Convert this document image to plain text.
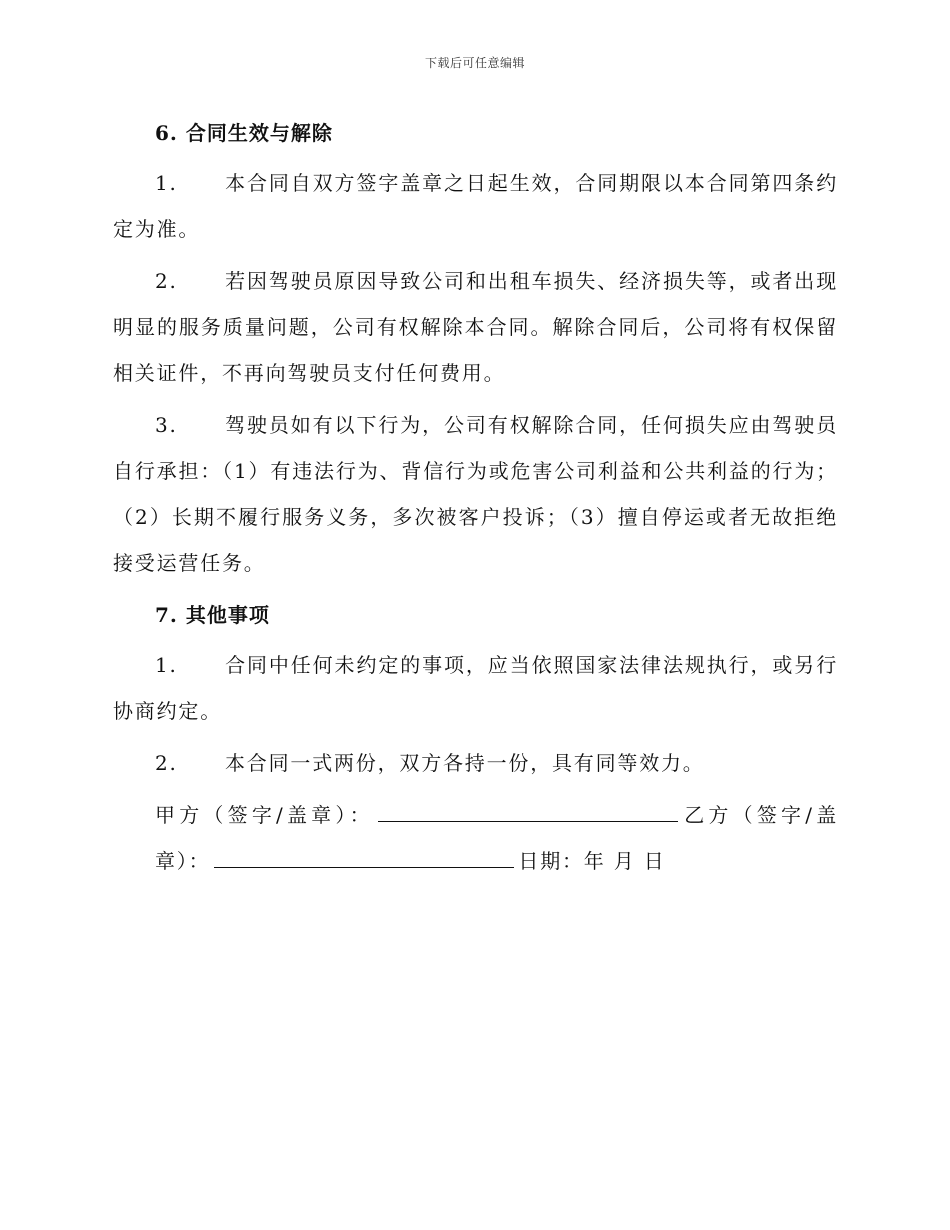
下载后可任意编辑

6. 合同生效与解除

1. 本合同自双方签字盖章之日起生效，合同期限以本合同第四条约定为准。

2. 若因驾驶员原因导致公司和出租车损失、经济损失等，或者出现明显的服务质量问题，公司有权解除本合同。解除合同后，公司将有权保留相关证件，不再向驾驶员支付任何费用。

3. 驾驶员如有以下行为，公司有权解除合同，任何损失应由驾驶员自行承担：（1）有违法行为、背信行为或危害公司利益和公共利益的行为；（2）长期不履行服务义务，多次被客户投诉；（3）擅自停运或者无故拒绝接受运营任务。

7. 其他事项

1. 合同中任何未约定的事项，应当依照国家法律法规执行，或另行协商约定。

2. 本合同一式两份，双方各持一份，具有同等效力。

甲方（签字/盖章）：	乙方（签字/盖章）：	日期：年 月 日
